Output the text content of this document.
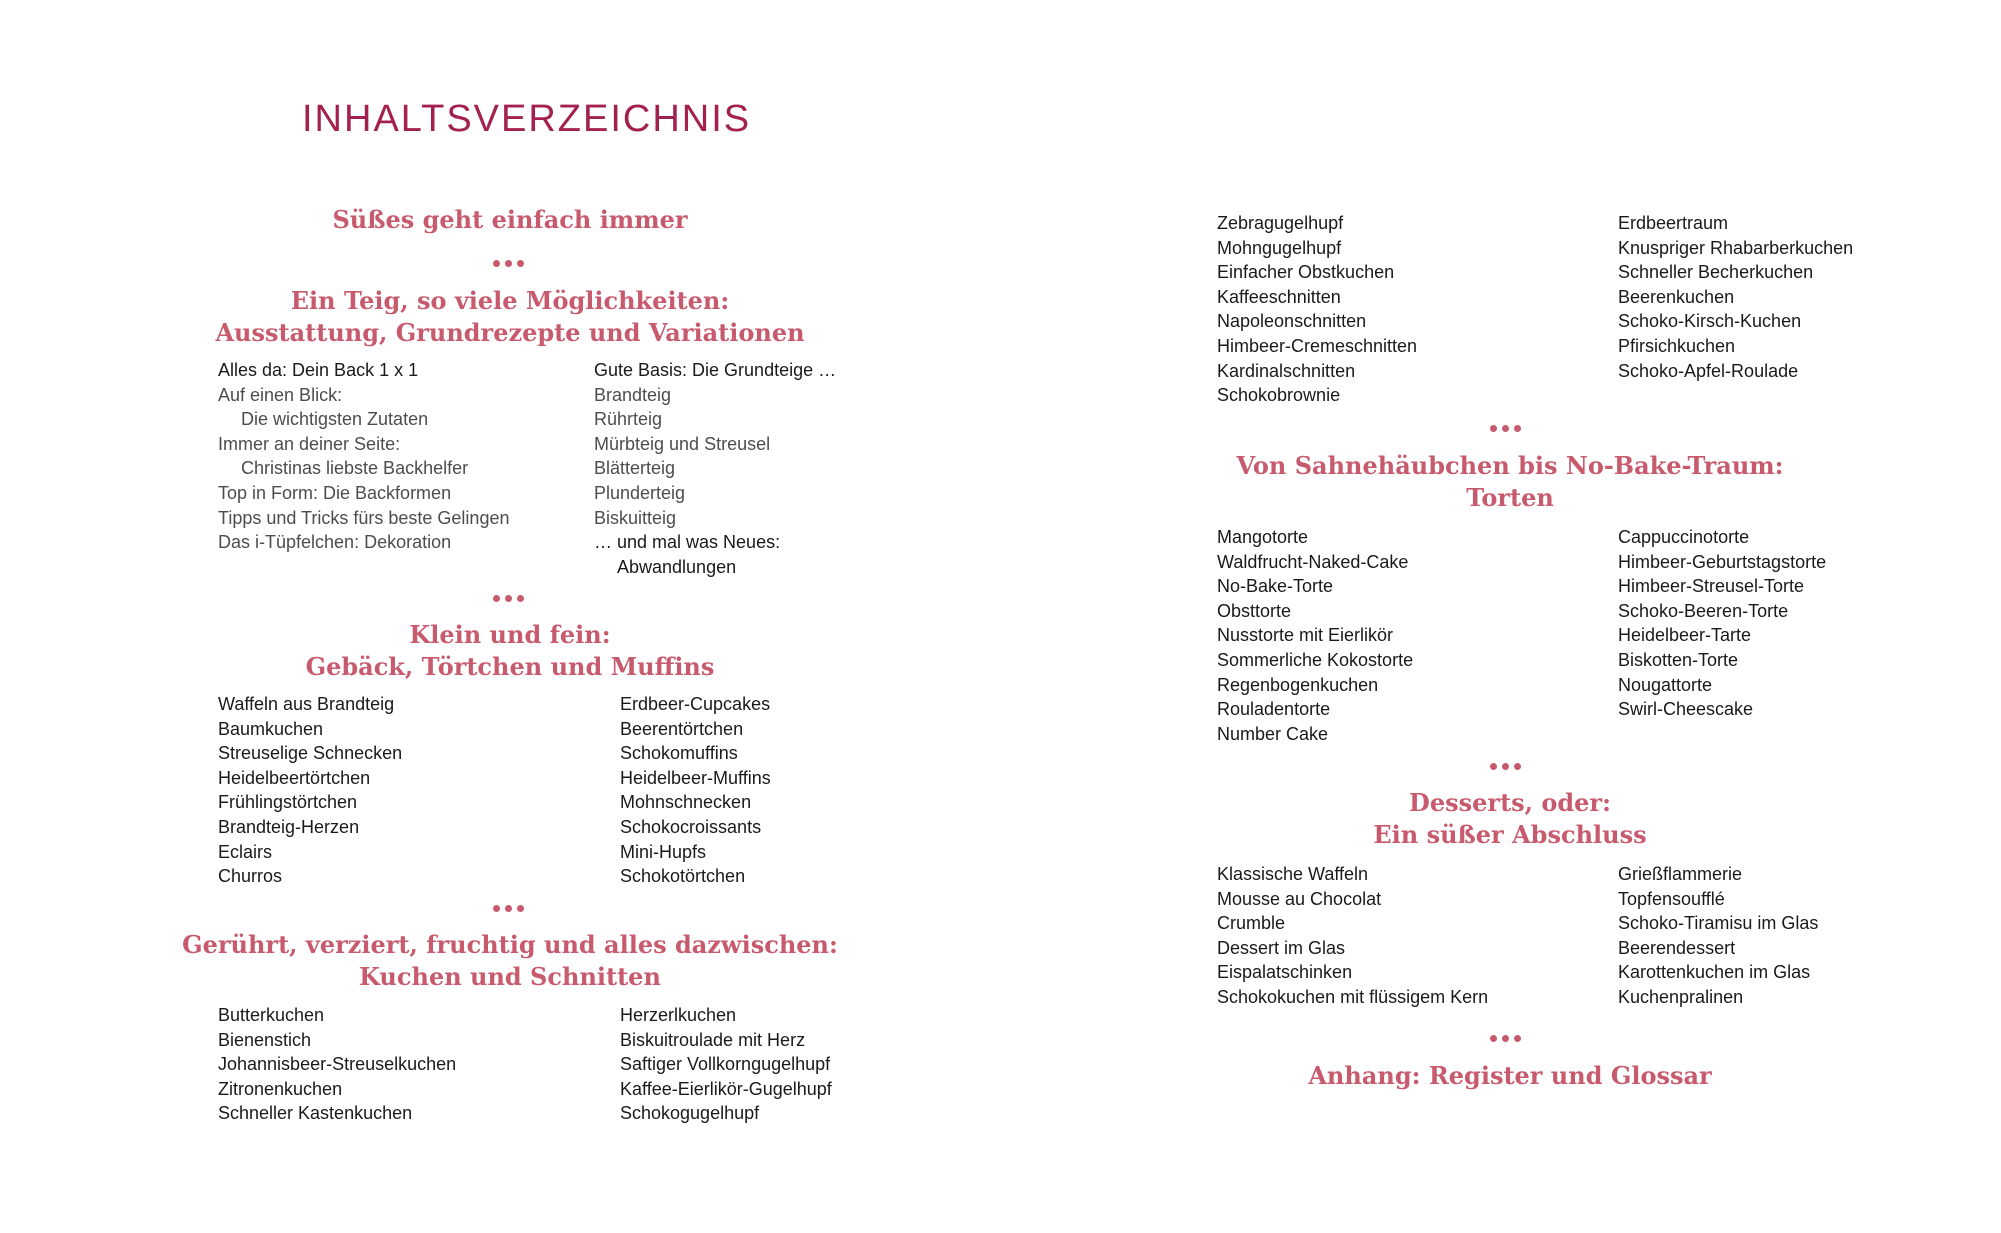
INHALTSVERZEICHNIS
Süßes geht einfach immer
Ein Teig, so viele Möglichkeiten:
Ausstattung, Grundrezepte und Variationen
Alles da: Dein Back 1 x 1
Auf einen Blick:
Die wichtigsten Zutaten
Immer an deiner Seite:
Christinas liebste Backhelfer
Top in Form: Die Backformen
Tipps und Tricks fürs beste Gelingen
Das i-Tüpfelchen: Dekoration
Gute Basis: Die Grundteige …
Brandteig
Rührteig
Mürbteig und Streusel
Blätterteig
Plunderteig
Biskuitteig
… und mal was Neues:
Abwandlungen
Klein und fein:
Gebäck, Törtchen und Muffins
Waffeln aus Brandteig
Baumkuchen
Streuselige Schnecken
Heidelbeertörtchen
Frühlingstörtchen
Brandteig-Herzen
Eclairs
Churros
Erdbeer-Cupcakes
Beerentörtchen
Schokomuffins
Heidelbeer-Muffins
Mohnschnecken
Schokocroissants
Mini-Hupfs
Schokotörtchen
Gerührt, verziert, fruchtig und alles dazwischen:
Kuchen und Schnitten
Butterkuchen
Bienenstich
Johannisbeer-Streuselkuchen
Zitronenkuchen
Schneller Kastenkuchen
Herzerlkuchen
Biskuitroulade mit Herz
Saftiger Vollkorngugelhupf
Kaffee-Eierlikör-Gugelhupf
Schokogugelhupf
Zebragugelhupf
Mohngugelhupf
Einfacher Obstkuchen
Kaffeeschnitten
Napoleonschnitten
Himbeer-Cremeschnitten
Kardinalschnitten
Schokobrownie
Erdbeertraum
Knuspriger Rhabarberkuchen
Schneller Becherkuchen
Beerenkuchen
Schoko-Kirsch-Kuchen
Pfirsichkuchen
Schoko-Apfel-Roulade
Von Sahnehäubchen bis No-Bake-Traum:
Torten
Mangotorte
Waldfrucht-Naked-Cake
No-Bake-Torte
Obsttorte
Nusstorte mit Eierlikör
Sommerliche Kokostorte
Regenbogenkuchen
Rouladentorte
Number Cake
Cappuccinotorte
Himbeer-Geburtstagstorte
Himbeer-Streusel-Torte
Schoko-Beeren-Torte
Heidelbeer-Tarte
Biskotten-Torte
Nougattorte
Swirl-Cheescake
Desserts, oder:
Ein süßer Abschluss
Klassische Waffeln
Mousse au Chocolat
Crumble
Dessert im Glas
Eispalatschinken
Schokokuchen mit flüssigem Kern
Grießflammerie
Topfensoufflé
Schoko-Tiramisu im Glas
Beerendessert
Karottenkuchen im Glas
Kuchenpralinen
Anhang: Register und Glossar
